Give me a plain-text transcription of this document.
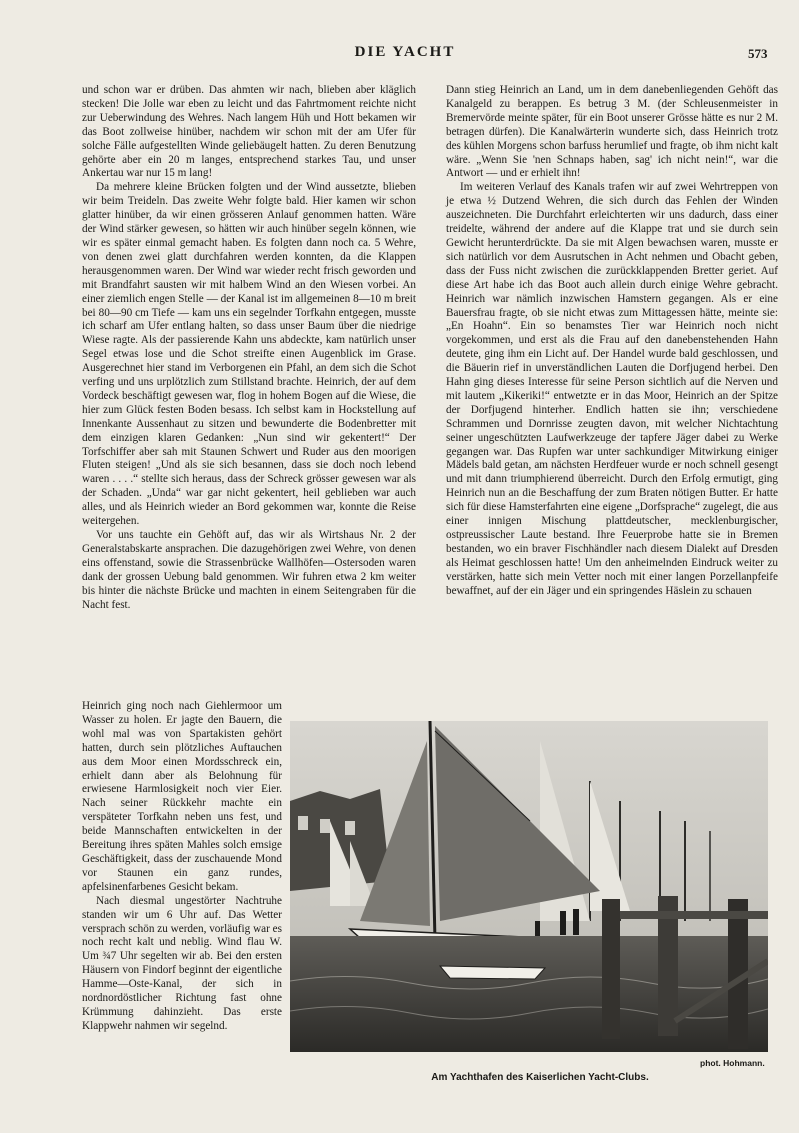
DIE YACHT	573

und schon war er drüben. Das ahmten wir nach, blieben aber kläglich stecken! Die Jolle war eben zu leicht und das Fahrtmoment reichte nicht zur Ueberwindung des Wehres. Nach langem Hüh und Hott bekamen wir das Boot zollweise hinüber, nachdem wir schon mit der am Ufer für solche Fälle aufgestellten Winde geliebäugelt hatten. Zu deren Benutzung gehörte aber ein 20 m langes, entsprechend starkes Tau, und unser Ankertau war nur 15 m lang!

Da mehrere kleine Brücken folgten und der Wind aussetzte, blieben wir beim Treideln. Das zweite Wehr folgte bald. Hier kamen wir schon glatter hinüber, da wir einen grösseren Anlauf genommen hatten. Wäre der Wind stärker gewesen, so hätten wir auch hinüber segeln können, wie wir es später einmal gemacht haben. Es folgten dann noch ca. 5 Wehre, von denen zwei glatt durchfahren werden konnten, da die Klappen herausgenommen waren. Der Wind war wieder recht frisch geworden und mit Brandfahrt sausten wir mit halbem Wind an den Wiesen vorbei. An einer ziemlich engen Stelle — der Kanal ist im allgemeinen 8—10 m breit bei 80—90 cm Tiefe — kam uns ein segelnder Torfkahn entgegen, musste ich scharf am Ufer entlang halten, so dass unser Baum über die niedrige Wiese ragte. Als der passierende Kahn uns abdeckte, kam natürlich unser Segel etwas lose und die Schot streifte einen Augenblick im Grase. Ausgerechnet hier stand im Verborgenen ein Pfahl, an dem sich die Schot verfing und uns urplötzlich zum Stillstand brachte. Heinrich, der auf dem Vordeck beschäftigt gewesen war, flog in hohem Bogen auf die Wiese, die hier zum Glück festen Boden besass. Ich selbst kam in Hockstellung auf Innenkante Aussenhaut zu sitzen und bewunderte die Bodenbretter mit dem einzigen klaren Gedanken: „Nun sind wir gekentert!“ Der Torfschiffer aber sah mit Staunen Schwert und Ruder aus den moorigen Fluten steigen! „Und als sie sich besannen, dass sie doch noch lebend waren . . . .“ stellte sich heraus, dass der Schreck grösser gewesen war als der Schaden. „Unda“ war gar nicht gekentert, heil geblieben war auch alles, und als Heinrich wieder an Bord gekommen war, konnte die Reise weitergehen.

Vor uns tauchte ein Gehöft auf, das wir als Wirtshaus Nr. 2 der Generalstabskarte ansprachen. Die dazugehörigen zwei Wehre, von denen eins offenstand, sowie die Strassenbrücke Wallhöfen—Ostersoden waren dank der grossen Uebung bald genommen. Wir fuhren etwa 2 km weiter bis hinter die nächste Brücke und machten in einem Seitengraben für die Nacht fest.

Heinrich ging noch nach Giehlermoor um Wasser zu holen. Er jagte den Bauern, die wohl mal was von Spartakisten gehört hatten, durch sein plötzliches Auftauchen aus dem Moor einen Mordsschreck ein, erhielt dann aber als Belohnung für erwiesene Harmlosigkeit noch vier Eier. Nach seiner Rückkehr machte ein verspäteter Torfkahn neben uns fest, und beide Mannschaften entwickelten in der Bereitung ihres späten Mahles solch emsige Geschäftigkeit, dass der zuschauende Mond vor Staunen ein ganz rundes, apfelsinenfarbenes Gesicht bekam.

Nach diesmal ungestörter Nachtruhe standen wir um 6 Uhr auf. Das Wetter versprach schön zu werden, vorläufig war es noch recht kalt und neblig. Wind flau W. Um ¾7 Uhr segelten wir ab. Bei den ersten Häusern von Findorf beginnt der eigentliche Hamme—Oste-Kanal, der sich in nordnordöstlicher Richtung fast ohne Krümmung dahinzieht. Das erste Klappwehr nahmen wir segelnd.

Dann stieg Heinrich an Land, um in dem danebenliegenden Gehöft das Kanalgeld zu berappen. Es betrug 3 M. (der Schleusenmeister in Bremervörde meinte später, für ein Boot unserer Grösse hätte es nur 2 M. betragen dürfen). Die Kanalwärterin wunderte sich, dass Heinrich trotz des kühlen Morgens schon barfuss herumlief und fragte, ob ihm nicht kalt wäre. „Wenn Sie 'nen Schnaps haben, sag' ich nicht nein!“, war die Antwort — und er erhielt ihn!

Im weiteren Verlauf des Kanals trafen wir auf zwei Wehrtreppen von je etwa ½ Dutzend Wehren, die sich durch das Fehlen der Winden auszeichneten. Die Durchfahrt erleichterten wir uns dadurch, dass einer treidelte, während der andere auf die Klappe trat und sie durch sein Gewicht herunterdrückte. Da sie mit Algen bewachsen waren, musste er sich natürlich vor dem Ausrutschen in Acht nehmen und Obacht geben, dass der Fuss nicht zwischen die zurückklappenden Bretter geriet. Auf diese Art habe ich das Boot auch allein durch einige Wehre gebracht. Heinrich war nämlich inzwischen Hamstern gegangen. Als er eine Bauersfrau fragte, ob sie nicht etwas zum Mittagessen hätte, meinte sie: „En Hoahn“. Ein so benamstes Tier war Heinrich noch nicht vorgekommen, und erst als die Frau auf den danebenstehenden Hahn deutete, ging ihm ein Licht auf. Der Handel wurde bald geschlossen, und die Bäuerin rief in unverständlichen Lauten die Dorfjugend herbei. Den Hahn ging dieses Interesse für seine Person sichtlich auf die Nerven und mit lautem „Kikeriki!“ entwetzte er in das Moor, Heinrich an der Spitze der Dorfjugend hinterher. Endlich hatten sie ihn; verschiedene Schrammen und Dornrisse zeugten davon, mit welcher Nichtachtung seiner ungeschützten Laufwerkzeuge der tapfere Jäger dabei zu Werke gegangen war. Das Rupfen war unter sachkundiger Mitwirkung einiger Mädels bald getan, am nächsten Herdfeuer wurde er noch schnell gesengt und mit dann triumphierend überreicht. Durch den Erfolg ermutigt, ging Heinrich nun an die Beschaffung der zum Braten nötigen Butter. Er hatte sich für diese Hamsterfahrten eine eigene „Dorfsprache“ zugelegt, die aus einer innigen Mischung plattdeutscher, mecklenburgischer, ostpreussischer Laute bestand. Ihre Feuerprobe hatte sie in Bremen bestanden, wo ein braver Fischhändler nach diesem Dialekt auf Dresden als Heimat geschlossen hatte! Um den anheimelnden Eindruck weiter zu verstärken, hatte sich mein Vetter noch mit einer langen Porzellanpfeife bewaffnet, auf der ein Jäger und ein springendes Häslein zu schauen

phot. Hohmann.
Am Yachthafen des Kaiserlichen Yacht-Clubs.
